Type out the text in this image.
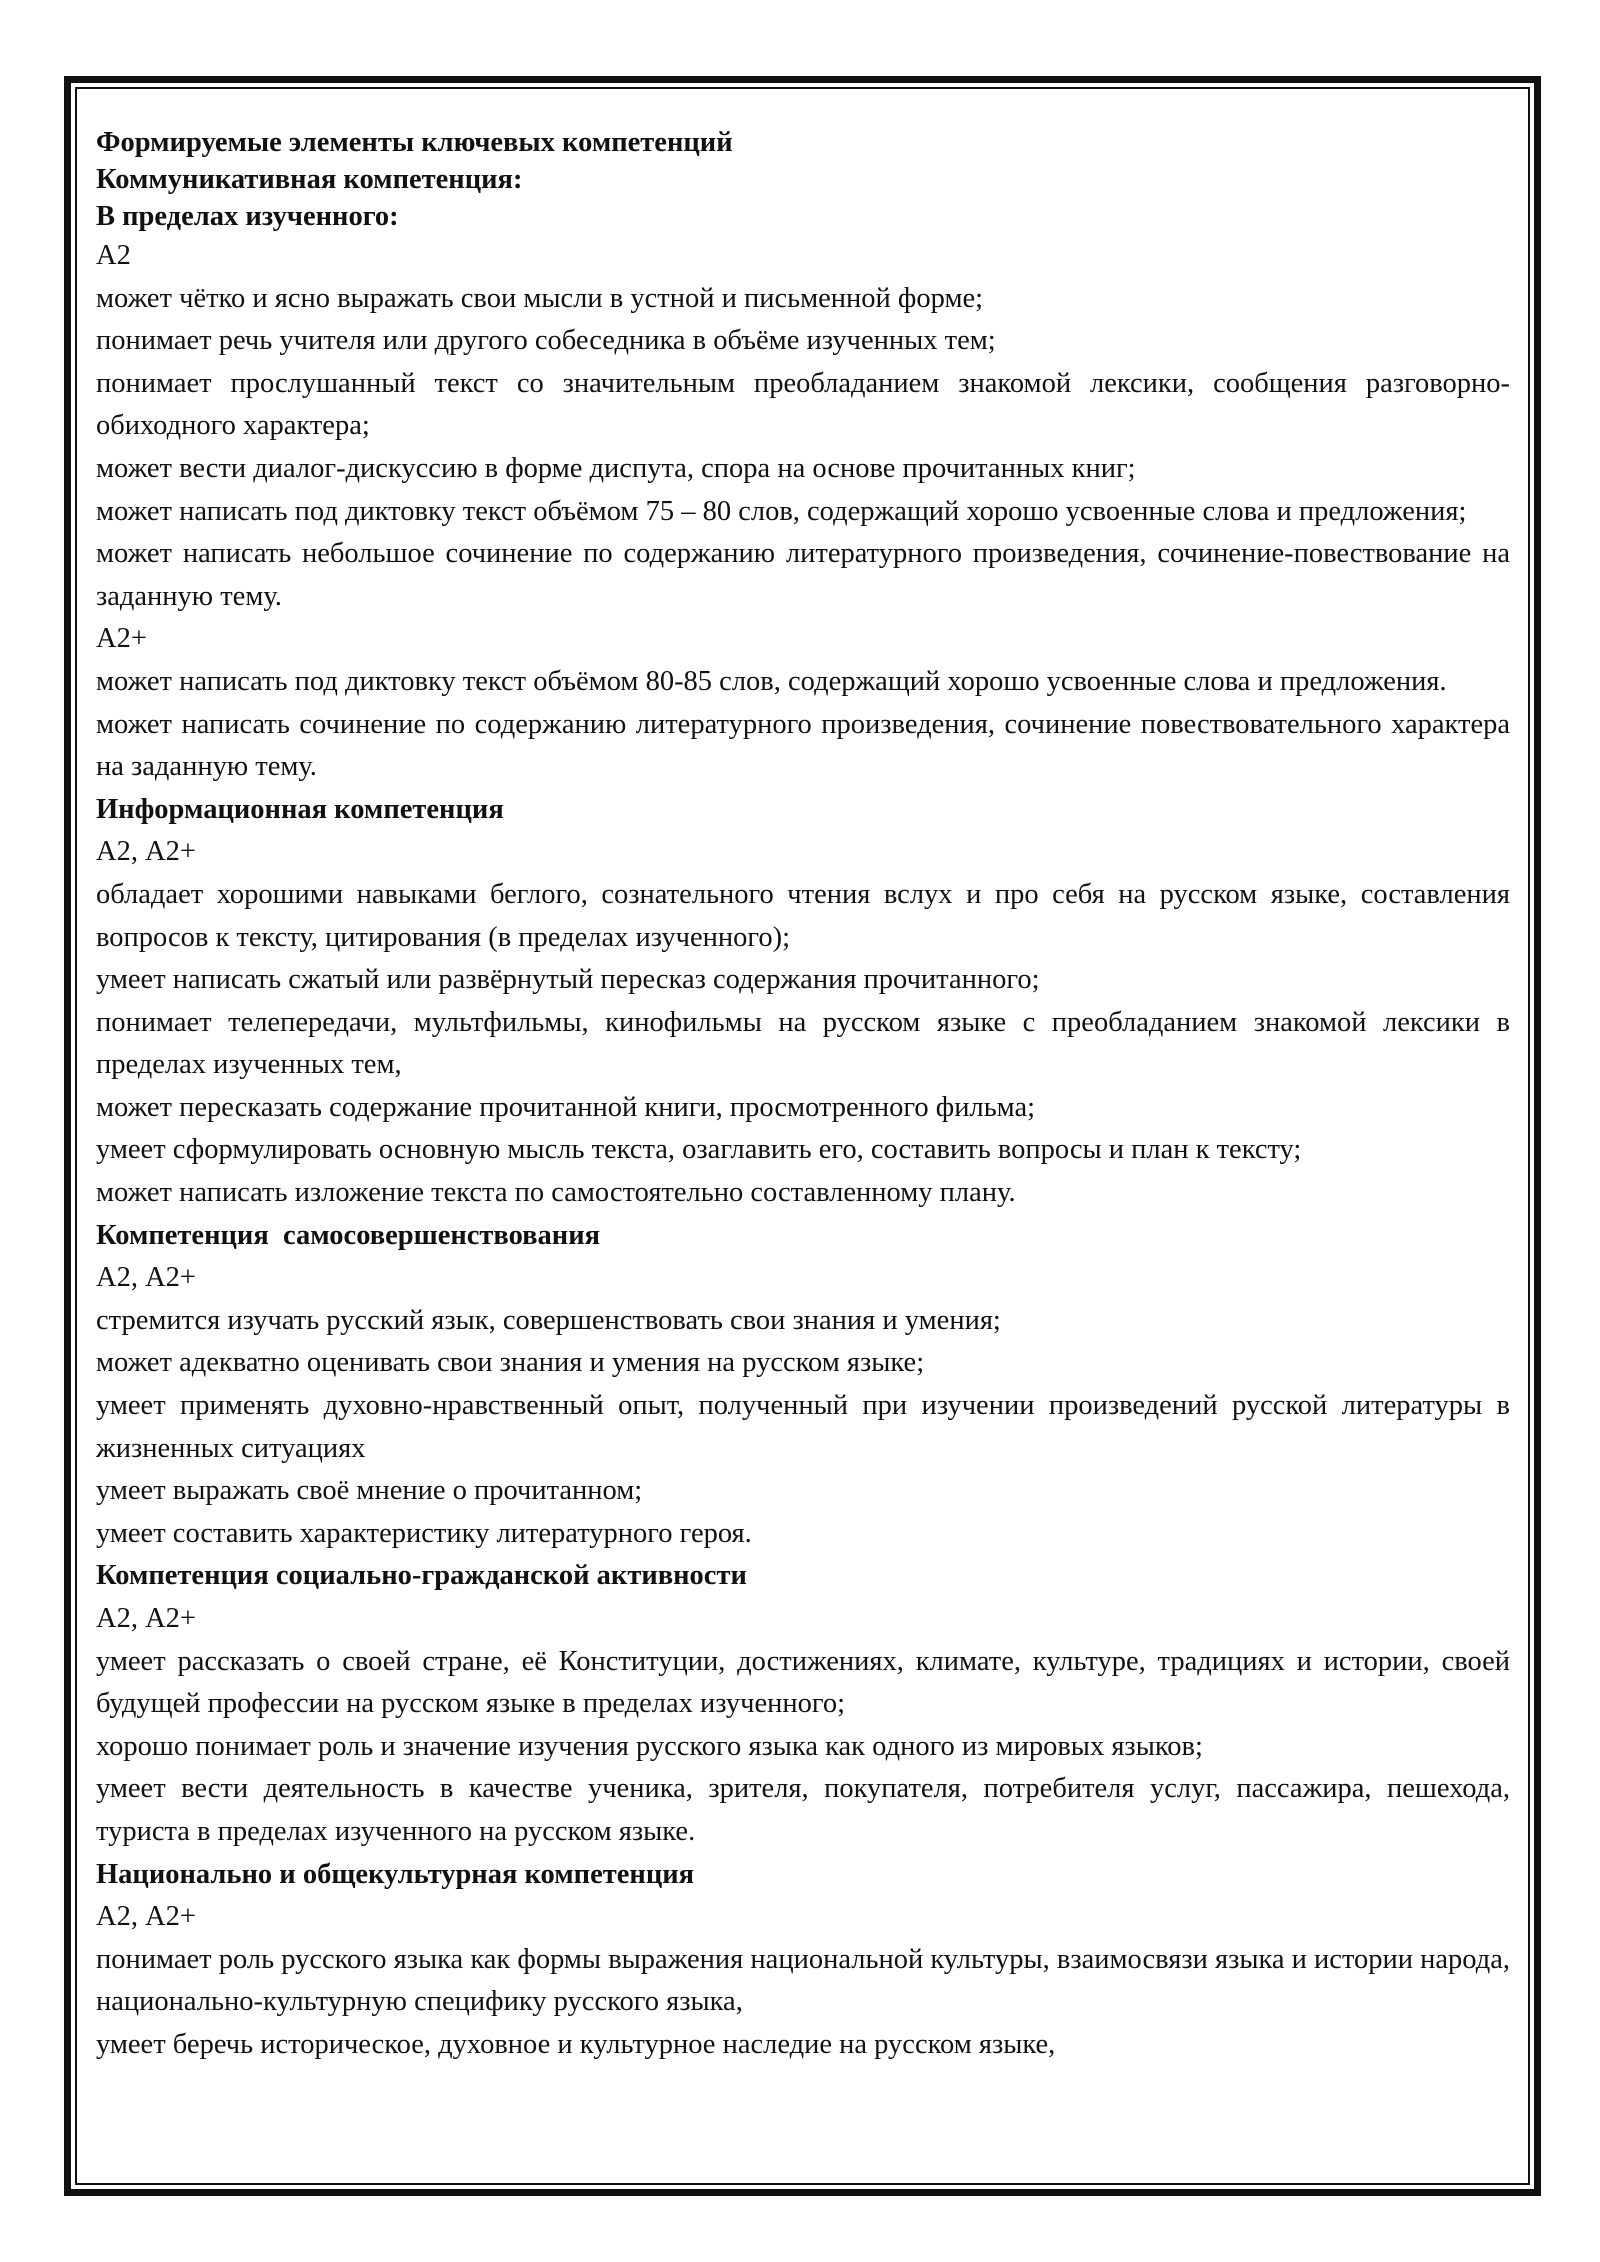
Формируемые элементы ключевых компетенций

Коммуникативная компетенция:

В пределах изученного:

А2

может чётко и ясно выражать свои мысли в устной и письменной форме;

понимает речь учителя или другого собеседника в объёме изученных тем;

понимает прослушанный текст со значительным преобладанием знакомой лексики, сообщения разговорно-обиходного характера;

может вести диалог-дискуссию в форме диспута, спора на основе прочитанных книг;

может написать под диктовку текст объёмом 75 – 80 слов, содержащий хорошо усвоенные слова и предложения;

может написать небольшое сочинение по содержанию литературного произведения, сочинение-повествование на заданную тему.

А2+

может написать под диктовку текст объёмом 80-85 слов, содержащий хорошо усвоенные слова и предложения.

может написать сочинение по содержанию литературного произведения, сочинение повествовательного характера на заданную тему.

Информационная компетенция

А2, А2+

обладает хорошими навыками беглого, сознательного чтения вслух и про себя на русском языке, составления вопросов к тексту, цитирования (в пределах изученного);

умеет написать сжатый или развёрнутый пересказ содержания прочитанного;

понимает телепередачи, мультфильмы, кинофильмы на русском языке с преобладанием знакомой лексики в пределах изученных тем,

может пересказать содержание прочитанной книги, просмотренного фильма;

умеет сформулировать основную мысль текста, озаглавить его, составить вопросы и план к тексту;

может написать изложение текста по самостоятельно составленному плану.

Компетенция  самосовершенствования

А2, А2+

стремится изучать русский язык, совершенствовать свои знания и умения;

может адекватно оценивать свои знания и умения на русском языке;

умеет применять духовно-нравственный опыт, полученный при изучении произведений русской литературы в жизненных ситуациях

умеет выражать своё мнение о прочитанном;

умеет составить характеристику литературного героя.

Компетенция социально-гражданской активности

А2, А2+

умеет рассказать о своей стране, её Конституции, достижениях, климате, культуре, традициях и истории, своей будущей профессии на русском языке в пределах изученного;

хорошо понимает роль и значение изучения русского языка как одного из мировых языков;

умеет вести деятельность в качестве ученика, зрителя, покупателя, потребителя услуг, пассажира, пешехода, туриста в пределах изученного на русском языке.

Национально и общекультурная компетенция

А2, А2+

понимает роль русского языка как формы выражения национальной культуры, взаимосвязи языка и истории народа, национально-культурную специфику русского языка,

умеет беречь историческое, духовное и культурное наследие на русском языке,
